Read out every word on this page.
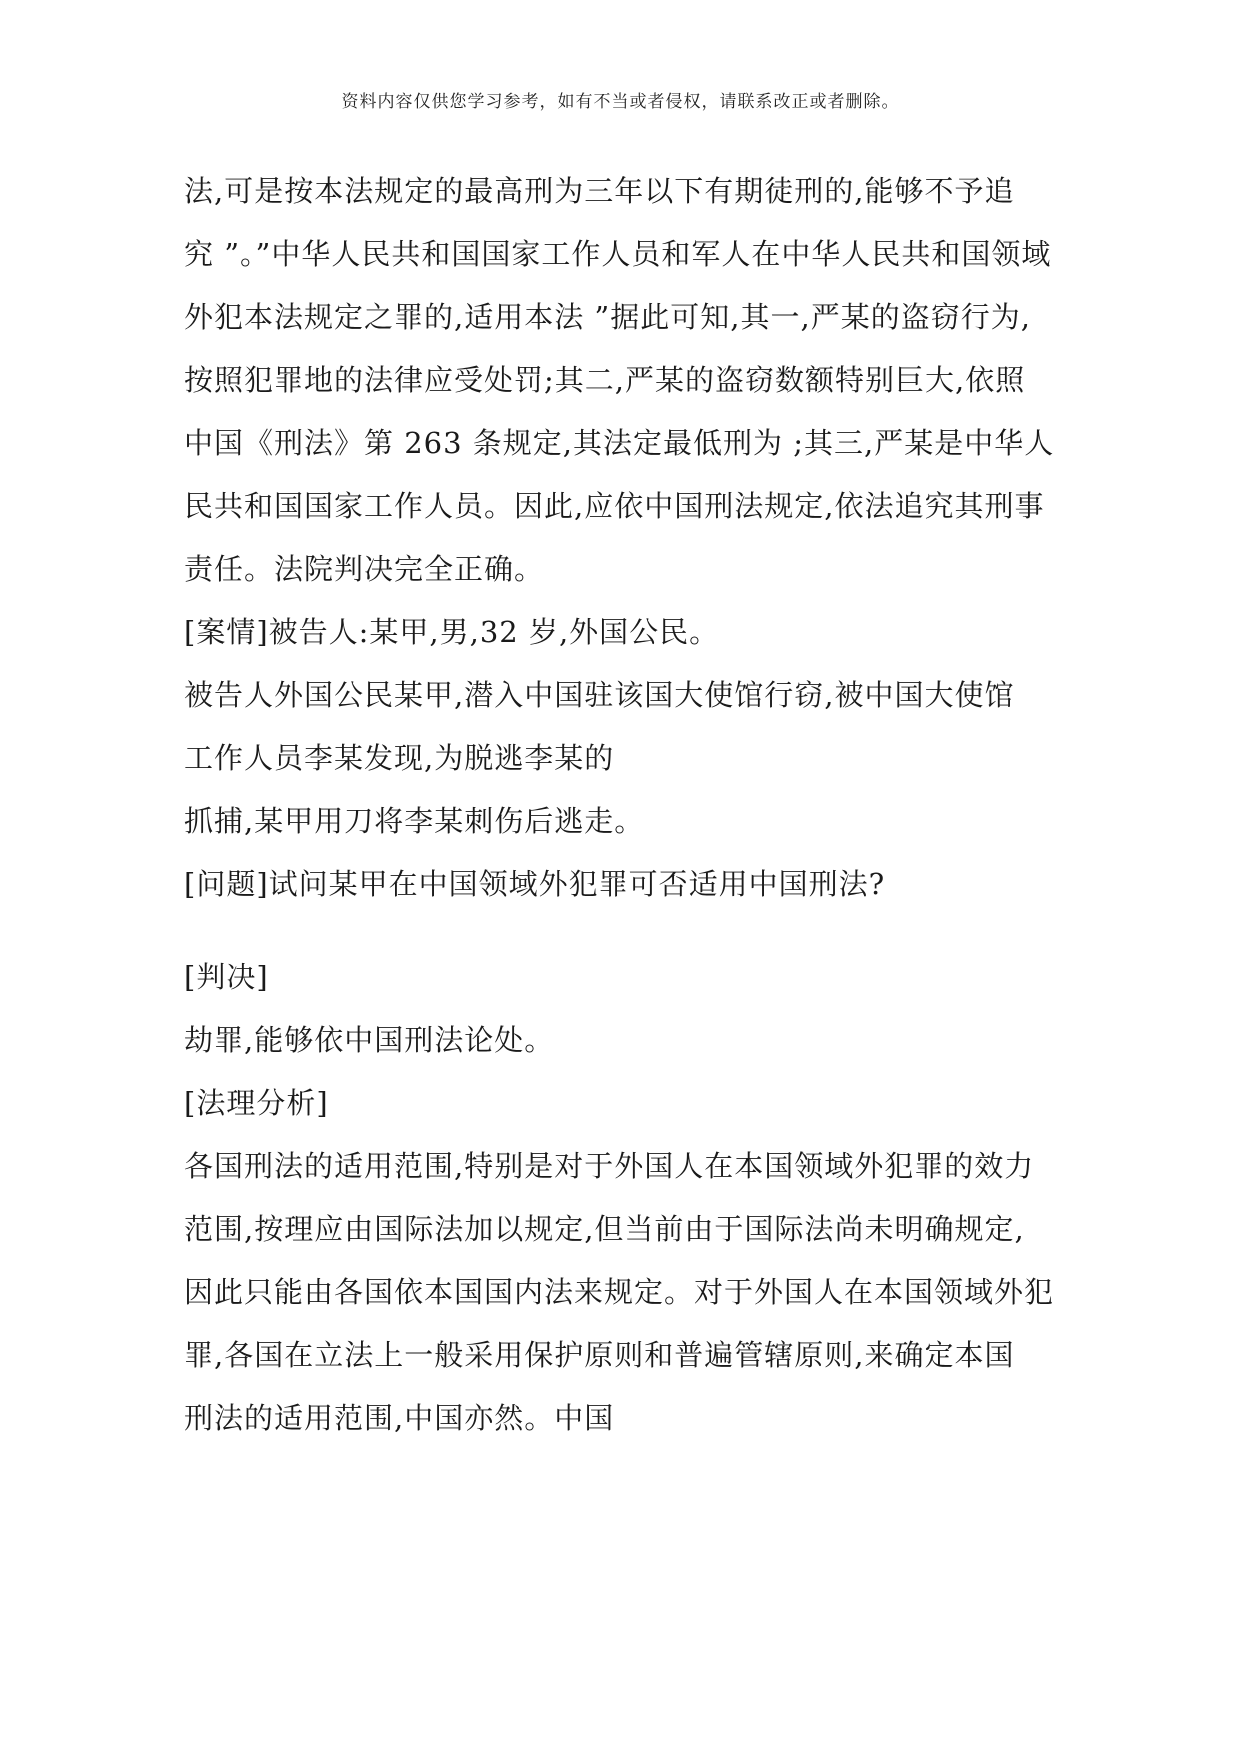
资料内容仅供您学习参考，如有不当或者侵权，请联系改正或者删除。
法,可是按本法规定的最高刑为三年以下有期徒刑的,能够不予追
究 ”。”中华人民共和国国家工作人员和军人在中华人民共和国领域
外犯本法规定之罪的,适用本法 ”据此可知,其一,严某的盗窃行为,
按照犯罪地的法律应受处罚;其二,严某的盗窃数额特别巨大,依照
中国《刑法》第 263 条规定,其法定最低刑为 ;其三,严某是中华人
民共和国国家工作人员。因此,应依中国刑法规定,依法追究其刑事
责任。法院判决完全正确。
[案情]被告人:某甲,男,32 岁,外国公民。
被告人外国公民某甲,潜入中国驻该国大使馆行窃,被中国大使馆
工作人员李某发现,为脱逃李某的
抓捕,某甲用刀将李某刺伤后逃走。
[问题]试问某甲在中国领域外犯罪可否适用中国刑法?
[判决]
劫罪,能够依中国刑法论处。
[法理分析]
各国刑法的适用范围,特别是对于外国人在本国领域外犯罪的效力
范围,按理应由国际法加以规定,但当前由于国际法尚未明确规定,
因此只能由各国依本国国内法来规定。对于外国人在本国领域外犯
罪,各国在立法上一般采用保护原则和普遍管辖原则,来确定本国
刑法的适用范围,中国亦然。中国
